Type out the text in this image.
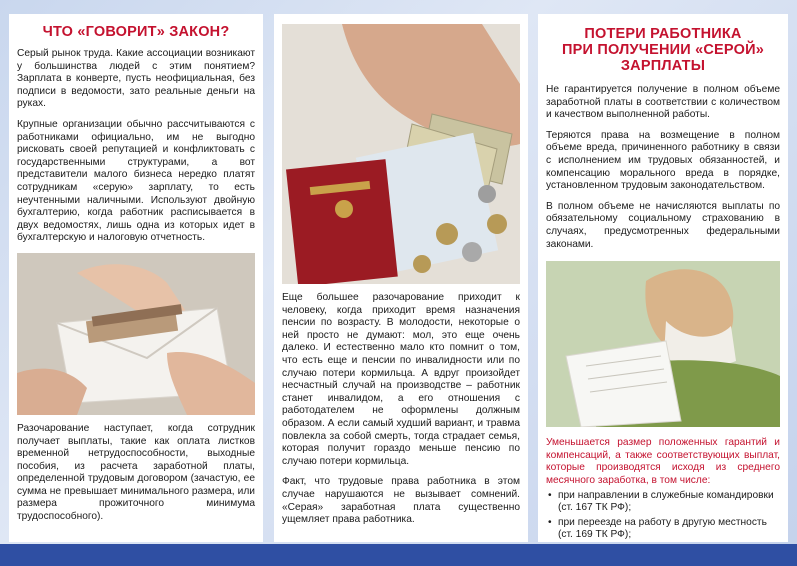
ЧТО «ГОВОРИТ» ЗАКОН?

Серый рынок труда. Какие ассоциации возникают у большинства людей с этим понятием? Зарплата в конверте, пусть неофициальная, без подписи в ведомости, зато реальные деньги на руках.

Крупные организации обычно рассчитываются с работниками официально, им не выгодно рисковать своей репутацией и конфликтовать с государственными структурами, а вот представители малого бизнеса нередко платят сотрудникам «серую» зарплату, то есть неучтенными наличными. Используют двойную бухгалтерию, когда работник расписывается в двух ведомостях, лишь одна из которых идет в бухгалтерскую и налоговую отчетность.

Разочарование наступает, когда сотрудник получает выплаты, такие как оплата листков временной нетрудоспособности, выходные пособия, из расчета заработной платы, определенной трудовым договором (зачастую, ее сумма не превышает минимального размера, или размера прожиточного минимума трудоспособного).

Еще большее разочарование приходит к человеку, когда приходит время назначения пенсии по возрасту. В молодости, некоторые о ней просто не думают: мол, это еще очень далеко. И естественно мало кто помнит о том, что есть еще и пенсии по инвалидности или по случаю потери кормильца. А вдруг произойдет несчастный случай на производстве – работник станет инвалидом, а его отношения с работодателем не оформлены должным образом. А если самый худший вариант, и травма повлекла за собой смерть, тогда страдает семья, которая получит гораздо меньше пенсию по случаю потери кормильца.

Факт, что трудовые права работника в этом случае нарушаются не вызывает сомнений. «Серая» заработная плата существенно ущемляет права работника.

ПОТЕРИ РАБОТНИКА
ПРИ ПОЛУЧЕНИИ «СЕРОЙ»
ЗАРПЛАТЫ

Не гарантируется получение в полном объеме заработной платы в соответствии с количеством и качеством выполненной работы.

Теряются права на возмещение в полном объеме вреда, причиненного работнику в связи с исполнением им трудовых обязанностей, и компенсацию морального вреда в порядке, установленном трудовым законодательством.

В полном объеме не начисляются выплаты по обязательному социальному страхованию в случаях, предусмотренных федеральными законами.

Уменьшается размер положенных гарантий и компенсаций, а также соответствующих выплат, которые производятся исходя из среднего месячного заработка, в том числе:

• при направлении в служебные командировки (ст. 167 ТК РФ);
• при переезде на работу в другую местность (ст. 169 ТК РФ);
